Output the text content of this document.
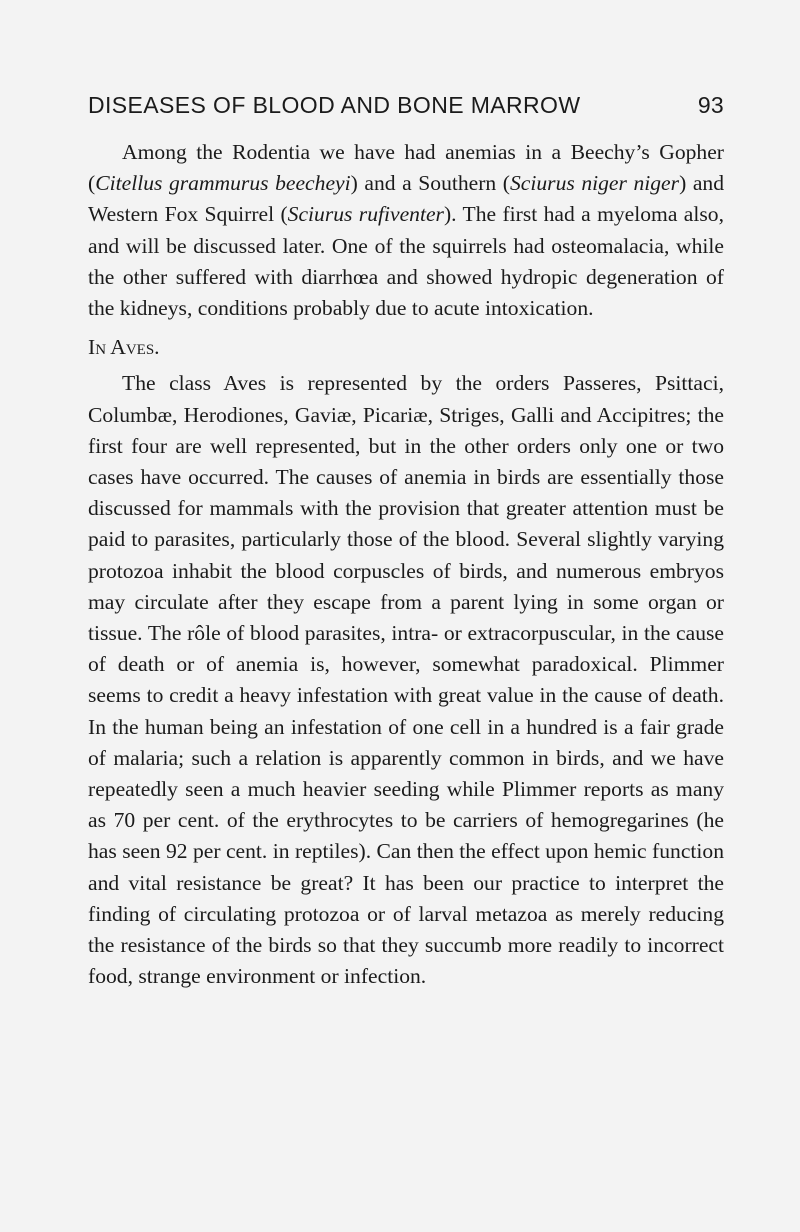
DISEASES OF BLOOD AND BONE MARROW	93

Among the Rodentia we have had anemias in a Beechy’s Gopher (Citellus grammurus beecheyi) and a Southern (Sciurus niger niger) and Western Fox Squirrel (Sciurus rufiventer). The first had a myeloma also, and will be discussed later. One of the squirrels had osteomalacia, while the other suffered with diarrhœa and showed hydropic degeneration of the kidneys, conditions probably due to acute intoxication.

In Aves.

The class Aves is represented by the orders Passeres, Psittaci, Columbæ, Herodiones, Gaviæ, Picariæ, Striges, Galli and Accipitres; the first four are well represented, but in the other orders only one or two cases have occurred. The causes of anemia in birds are essentially those discussed for mammals with the provision that greater attention must be paid to parasites, particularly those of the blood. Several slightly varying protozoa inhabit the blood corpuscles of birds, and numerous embryos may circulate after they escape from a parent lying in some organ or tissue. The rôle of blood parasites, intra- or extracorpuscular, in the cause of death or of anemia is, however, somewhat paradoxical. Plimmer seems to credit a heavy infestation with great value in the cause of death. In the human being an infestation of one cell in a hundred is a fair grade of malaria; such a relation is apparently common in birds, and we have repeatedly seen a much heavier seeding while Plimmer reports as many as 70 per cent. of the erythrocytes to be carriers of hemogregarines (he has seen 92 per cent. in reptiles). Can then the effect upon hemic function and vital resistance be great? It has been our practice to interpret the finding of circulating protozoa or of larval metazoa as merely reducing the resistance of the birds so that they succumb more readily to incorrect food, strange environment or infection.
